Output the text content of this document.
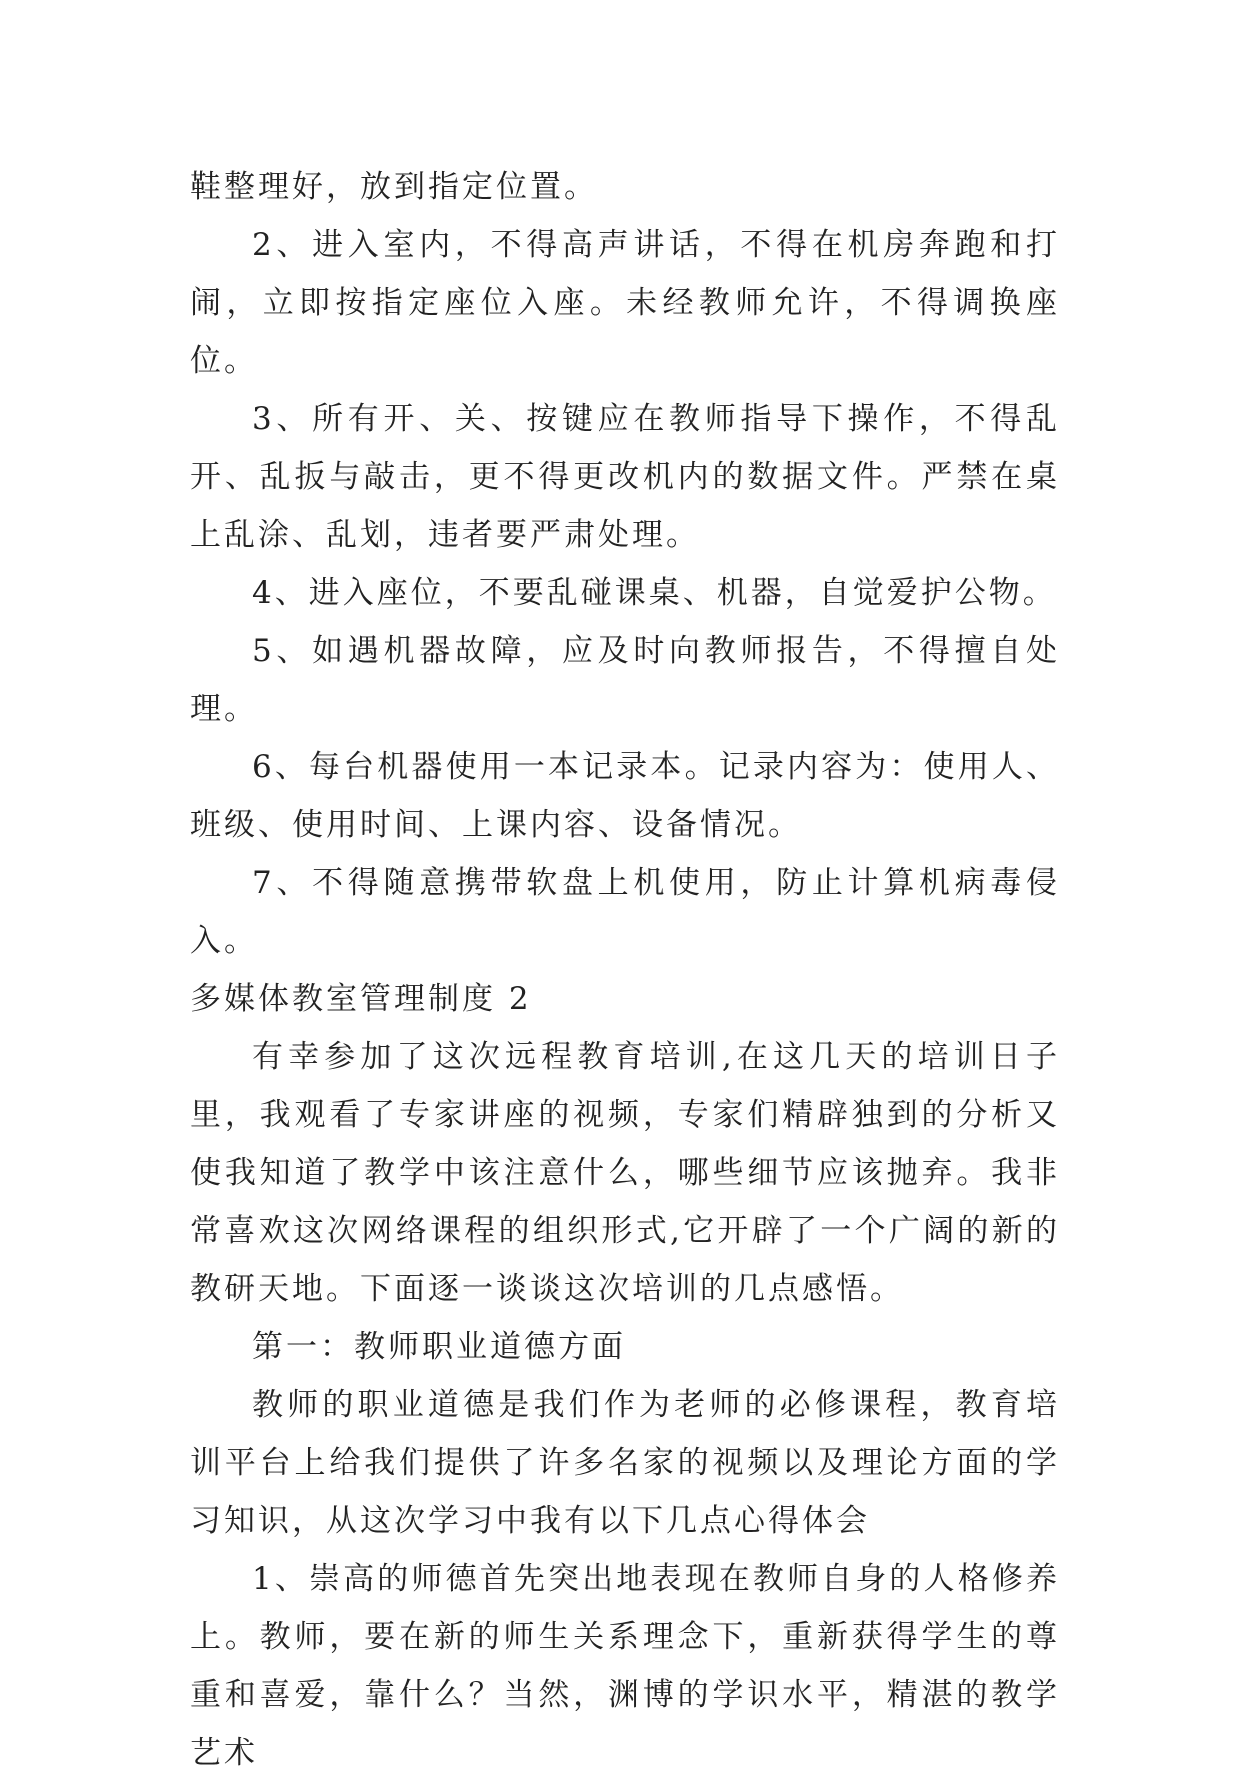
鞋整理好，放到指定位置。

2、进入室内，不得高声讲话，不得在机房奔跑和打闹，立即按指定座位入座。未经教师允许，不得调换座位。

3、所有开、关、按键应在教师指导下操作，不得乱开、乱扳与敲击，更不得更改机内的数据文件。严禁在桌上乱涂、乱划，违者要严肃处理。

4、进入座位，不要乱碰课桌、机器，自觉爱护公物。

5、如遇机器故障，应及时向教师报告，不得擅自处理。

6、每台机器使用一本记录本。记录内容为：使用人、班级、使用时间、上课内容、设备情况。

7、不得随意携带软盘上机使用，防止计算机病毒侵入。

多媒体教室管理制度 2

有幸参加了这次远程教育培训,在这几天的培训日子里，我观看了专家讲座的视频，专家们精辟独到的分析又使我知道了教学中该注意什么，哪些细节应该抛弃。我非常喜欢这次网络课程的组织形式,它开辟了一个广阔的新的教研天地。下面逐一谈谈这次培训的几点感悟。

第一：教师职业道德方面

教师的职业道德是我们作为老师的必修课程，教育培训平台上给我们提供了许多名家的视频以及理论方面的学习知识，从这次学习中我有以下几点心得体会

1、崇高的师德首先突出地表现在教师自身的人格修养上。教师，要在新的师生关系理念下，重新获得学生的尊重和喜爱，靠什么？当然，渊博的学识水平，精湛的教学艺术
